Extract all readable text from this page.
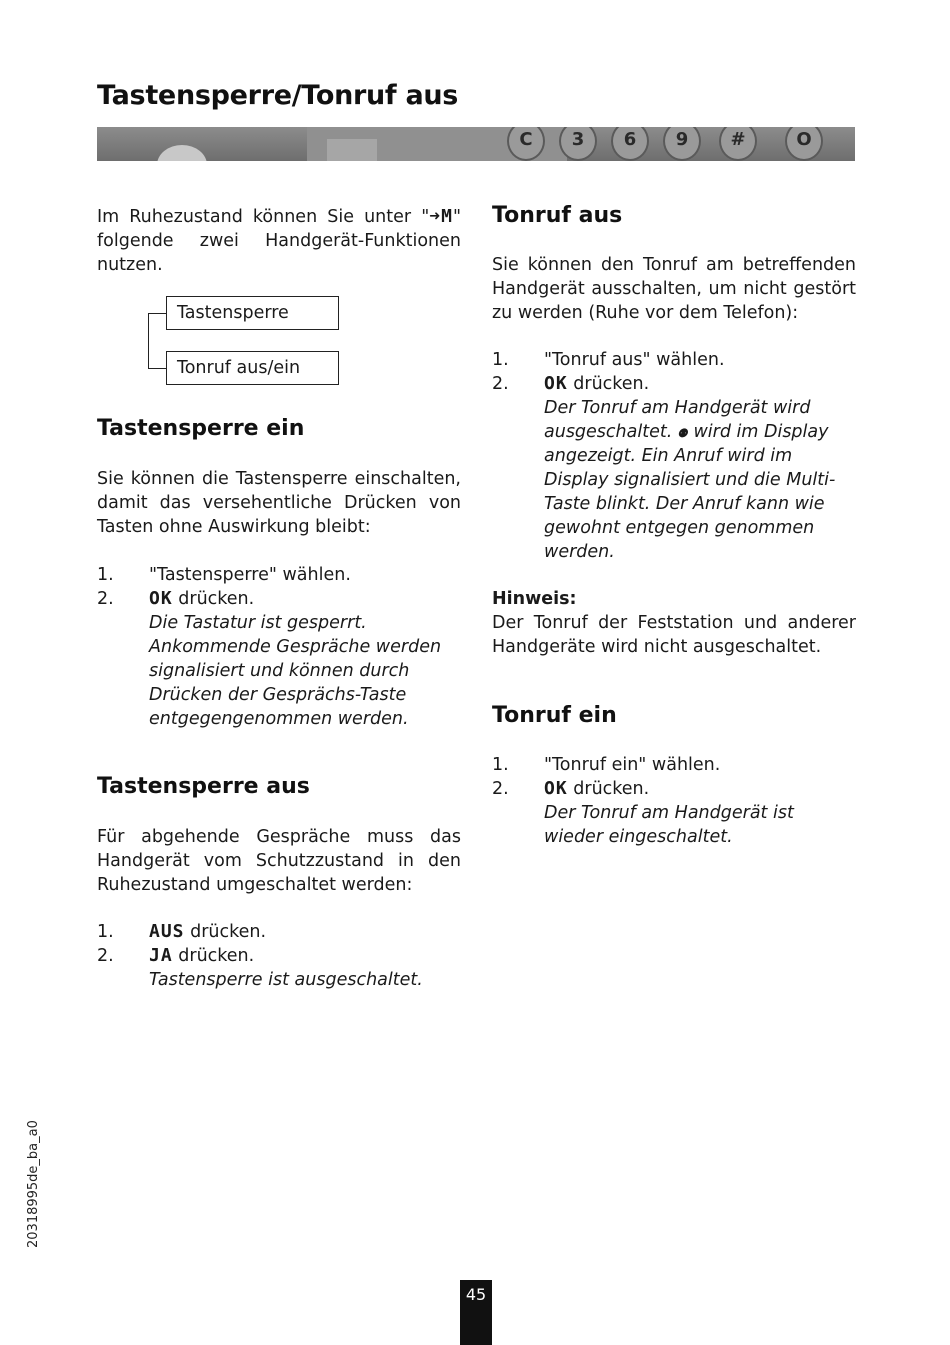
Tastensperre/Tonruf aus
C	3	6	9	#	O

Im Ruhezustand können Sie unter "➜M" folgende zwei Handgerät-Funktionen nutzen.

Tastensperre
Tonruf aus/ein
Tastensperre ein

Sie können die Tastensperre einschalten, damit das versehentliche Drücken von Tasten ohne Auswirkung bleibt:

1. "Tastensperre" wählen.
2. OK drücken.

Die Tastatur ist gesperrt. Ankommende Gespräche werden signalisiert und können durch Drücken der Gesprächs-Taste entgegengenommen werden.

Tastensperre aus

Für abgehende Gespräche muss das Handgerät vom Schutzzustand in den Ruhezustand umgeschaltet werden:

1. AUS drücken.
2. JA drücken.

Tastensperre ist ausgeschaltet.

Tonruf aus

Sie können den Tonruf am betreffenden Handgerät ausschalten, um nicht gestört zu werden (Ruhe vor dem Telefon):

1. "Tonruf aus" wählen.
2. OK drücken.

Der Tonruf am Handgerät wird ausgeschaltet. ⚉ wird im Display angezeigt. Ein Anruf wird im Display signalisiert und die Multi-Taste blinkt. Der Anruf kann wie gewohnt entgegen genommen werden.

Hinweis:

Der Tonruf der Feststation und anderer Handgeräte wird nicht ausgeschaltet.

Tonruf ein
1. "Tonruf ein" wählen.
2. OK drücken.

Der Tonruf am Handgerät ist wieder eingeschaltet.

20318995de_ba_a0
45
